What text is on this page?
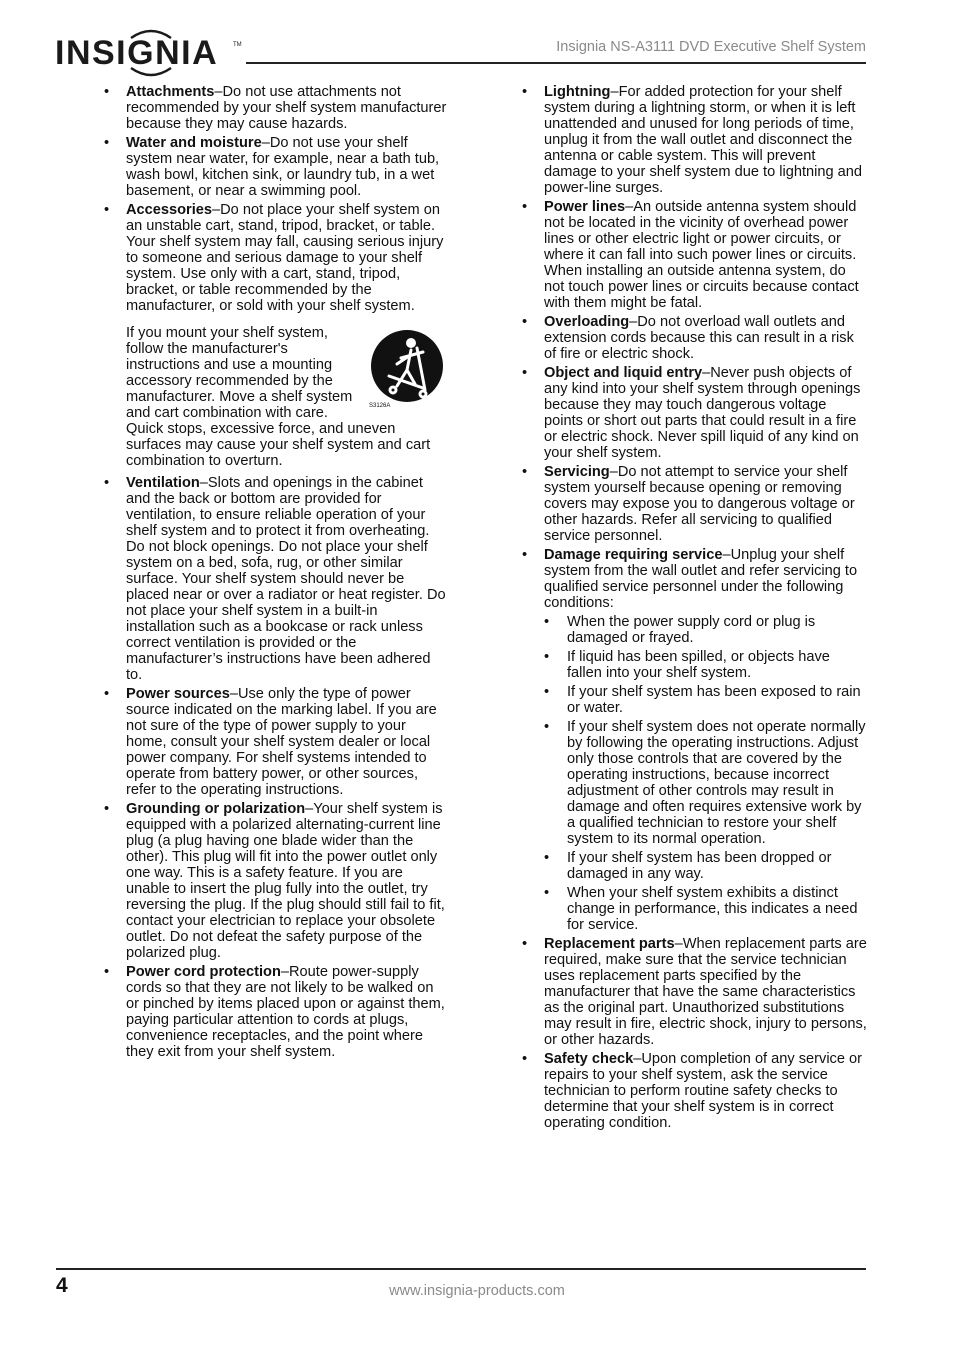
INSIGNIA TM	Insignia NS-A3111 DVD Executive Shelf System
• Attachments–Do not use attachments not recommended by your shelf system manufacturer because they may cause hazards.
• Water and moisture–Do not use your shelf system near water, for example, near a bath tub, wash bowl, kitchen sink, or laundry tub, in a wet basement, or near a swimming pool.
• Accessories–Do not place your shelf system on an unstable cart, stand, tripod, bracket, or table. Your shelf system may fall, causing serious injury to someone and serious damage to your shelf system. Use only with a cart, stand, tripod, bracket, or table recommended by the manufacturer, or sold with your shelf system.
S3126A
If you mount your shelf system, follow the manufacturer's instructions and use a mounting accessory recommended by the manufacturer. Move a shelf system and cart combination with care. Quick stops, excessive force, and uneven surfaces may cause your shelf system and cart combination to overturn.
• Ventilation–Slots and openings in the cabinet and the back or bottom are provided for ventilation, to ensure reliable operation of your shelf system and to protect it from overheating. Do not block openings. Do not place your shelf system on a bed, sofa, rug, or other similar surface. Your shelf system should never be placed near or over a radiator or heat register. Do not place your shelf system in a built-in installation such as a bookcase or rack unless correct ventilation is provided or the manufacturer’s instructions have been adhered to.
• Power sources–Use only the type of power source indicated on the marking label. If you are not sure of the type of power supply to your home, consult your shelf system dealer or local power company. For shelf systems intended to operate from battery power, or other sources, refer to the operating instructions.
• Grounding or polarization–Your shelf system is equipped with a polarized alternating-current line plug (a plug having one blade wider than the other). This plug will fit into the power outlet only one way. This is a safety feature. If you are unable to insert the plug fully into the outlet, try reversing the plug. If the plug should still fail to fit, contact your electrician to replace your obsolete outlet. Do not defeat the safety purpose of the polarized plug.
• Power cord protection–Route power-supply cords so that they are not likely to be walked on or pinched by items placed upon or against them, paying particular attention to cords at plugs, convenience receptacles, and the point where they exit from your shelf system.
• Lightning–For added protection for your shelf system during a lightning storm, or when it is left unattended and unused for long periods of time, unplug it from the wall outlet and disconnect the antenna or cable system. This will prevent damage to your shelf system due to lightning and power-line surges.
• Power lines–An outside antenna system should not be located in the vicinity of overhead power lines or other electric light or power circuits, or where it can fall into such power lines or circuits. When installing an outside antenna system, do not touch power lines or circuits because contact with them might be fatal.
• Overloading–Do not overload wall outlets and extension cords because this can result in a risk of fire or electric shock.
• Object and liquid entry–Never push objects of any kind into your shelf system through openings because they may touch dangerous voltage points or short out parts that could result in a fire or electric shock. Never spill liquid of any kind on your shelf system.
• Servicing–Do not attempt to service your shelf system yourself because opening or removing covers may expose you to dangerous voltage or other hazards. Refer all servicing to qualified service personnel.
• Damage requiring service–Unplug your shelf system from the wall outlet and refer servicing to qualified service personnel under the following conditions:
• When the power supply cord or plug is damaged or frayed.
• If liquid has been spilled, or objects have fallen into your shelf system.
• If your shelf system has been exposed to rain or water.
• If your shelf system does not operate normally by following the operating instructions. Adjust only those controls that are covered by the operating instructions, because incorrect adjustment of other controls may result in damage and often requires extensive work by a qualified technician to restore your shelf system to its normal operation.
• If your shelf system has been dropped or damaged in any way.
• When your shelf system exhibits a distinct change in performance, this indicates a need for service.
• Replacement parts–When replacement parts are required, make sure that the service technician uses replacement parts specified by the manufacturer that have the same characteristics as the original part. Unauthorized substitutions may result in fire, electric shock, injury to persons, or other hazards.
• Safety check–Upon completion of any service or repairs to your shelf system, ask the service technician to perform routine safety checks to determine that your shelf system is in correct operating condition.
4	www.insignia-products.com
